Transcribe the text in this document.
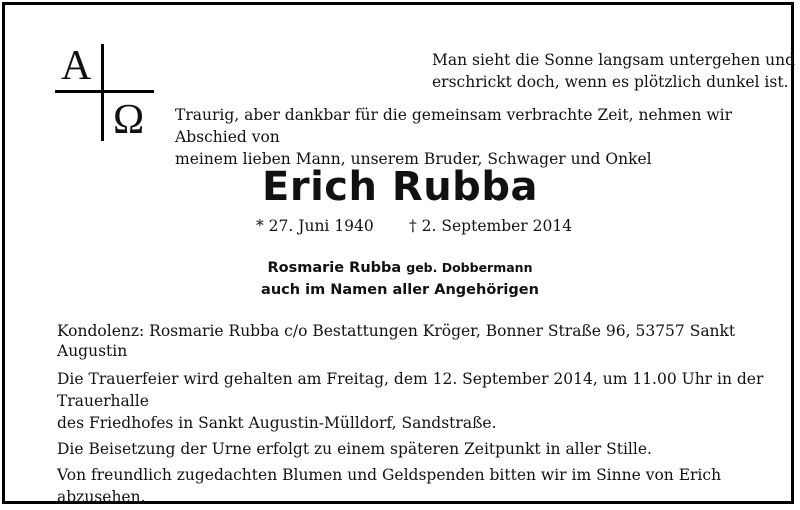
A
Ω
Man sieht die Sonne langsam untergehen und
erschrickt doch, wenn es plötzlich dunkel ist.
Traurig, aber dankbar für die gemeinsam verbrachte Zeit, nehmen wir Abschied von
meinem lieben Mann, unserem Bruder, Schwager und Onkel
Erich Rubba
* 27. Juni 1940 † 2. September 2014
Rosmarie Rubba geb. Dobbermann
auch im Namen aller Angehörigen
Kondolenz: Rosmarie Rubba c/o Bestattungen Kröger, Bonner Straße 96, 53757 Sankt Augustin

Die Trauerfeier wird gehalten am Freitag, dem 12. September 2014, um 11.00 Uhr in der Trauerhalle

des Friedhofes in Sankt Augustin-Mülldorf, Sandstraße.

Die Beisetzung der Urne erfolgt zu einem späteren Zeitpunkt in aller Stille.

Von freundlich zugedachten Blumen und Geldspenden bitten wir im Sinne von Erich abzusehen.
